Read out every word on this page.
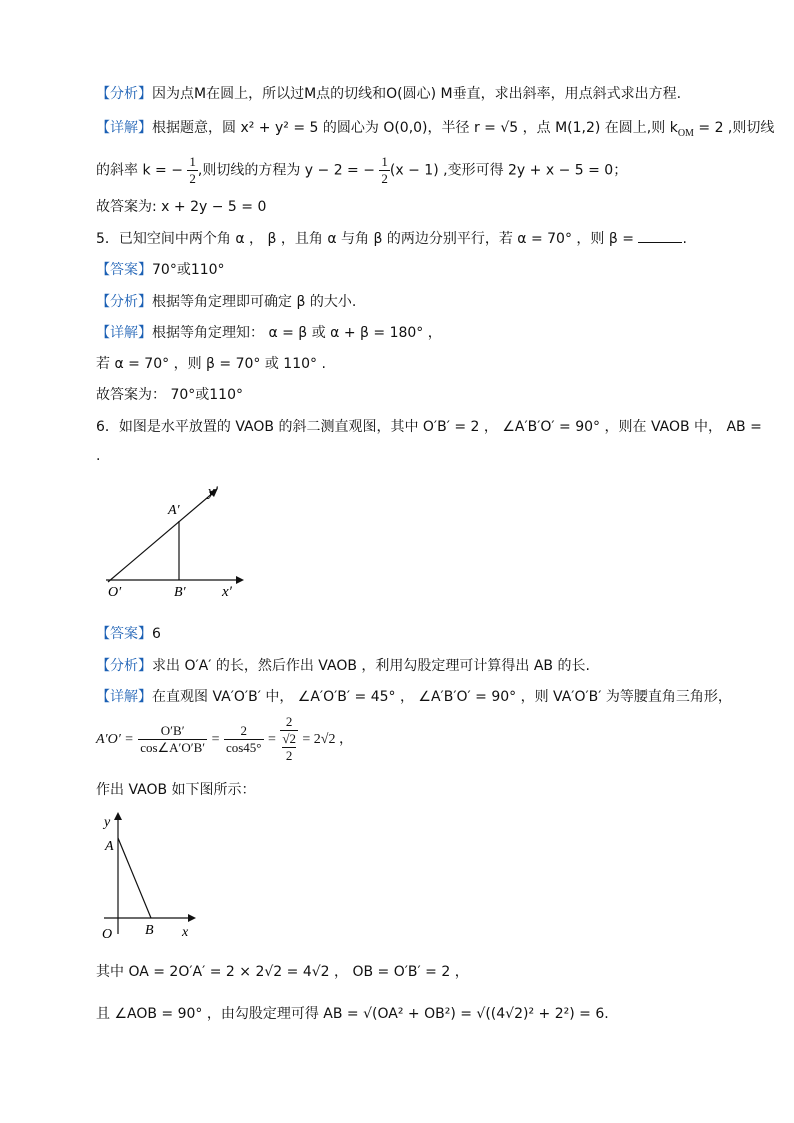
【分析】因为点M在圆上，所以过M点的切线和O(圆心) M垂直，求出斜率，用点斜式求出方程.
【详解】根据题意，圆 x² + y² = 5 的圆心为 O(0,0)，半径 r = √5 ，点 M(1,2) 在圆上,则 $k_{OM} = 2$ ,则切线
的斜率 k = − $\frac{1}{2}$ ,则切线的方程为 y − 2 = − $\frac{1}{2} (x - 1)$ ,变形可得 2y + x − 5 = 0；
故答案为: x + 2y − 5 = 0
5．已知空间中两个角 α ， β ，且角 α 与角 β 的两边分别平行，若 α = 70° ，则 β =	.
【答案】70°或110°
【分析】根据等角定理即可确定 β 的大小.
【详解】根据等角定理知： α = β 或 α + β = 180° ，
若 α = 70° ，则 β = 70° 或 110° .
故答案为： 70°或110°
6．如图是水平放置的 VAOB 的斜二测直观图，其中 O′B′ = 2 ， ∠A′B′O′ = 90° ，则在 VAOB 中， AB =
.
y′
A′
O′	B′ x′
【答案】6
【分析】求出 O′A′ 的长，然后作出 VAOB ，利用勾股定理可计算得出 AB 的长.
【详解】在直观图 VA′O′B′ 中， ∠A′O′B′ = 45° ， ∠A′B′O′ = 90° ，则 VA′O′B′ 为等腰直角三角形，
$A'O' = \frac{O'B'}{\cos\angle A'O'B'} = \frac{2}{\cos 45^\circ} = 2$
√2
2 = 2√2 ，
作出 VAOB 如下图所示：
y
A
O B x
其中 OA = 2O′A′ = 2 × 2√2 = 4√2 ， OB = O′B′ = 2 ，
且 ∠AOB = 90° ，由勾股定理可得 AB = √(OA² + OB²) = √((4√2)² + 2²) = 6.
